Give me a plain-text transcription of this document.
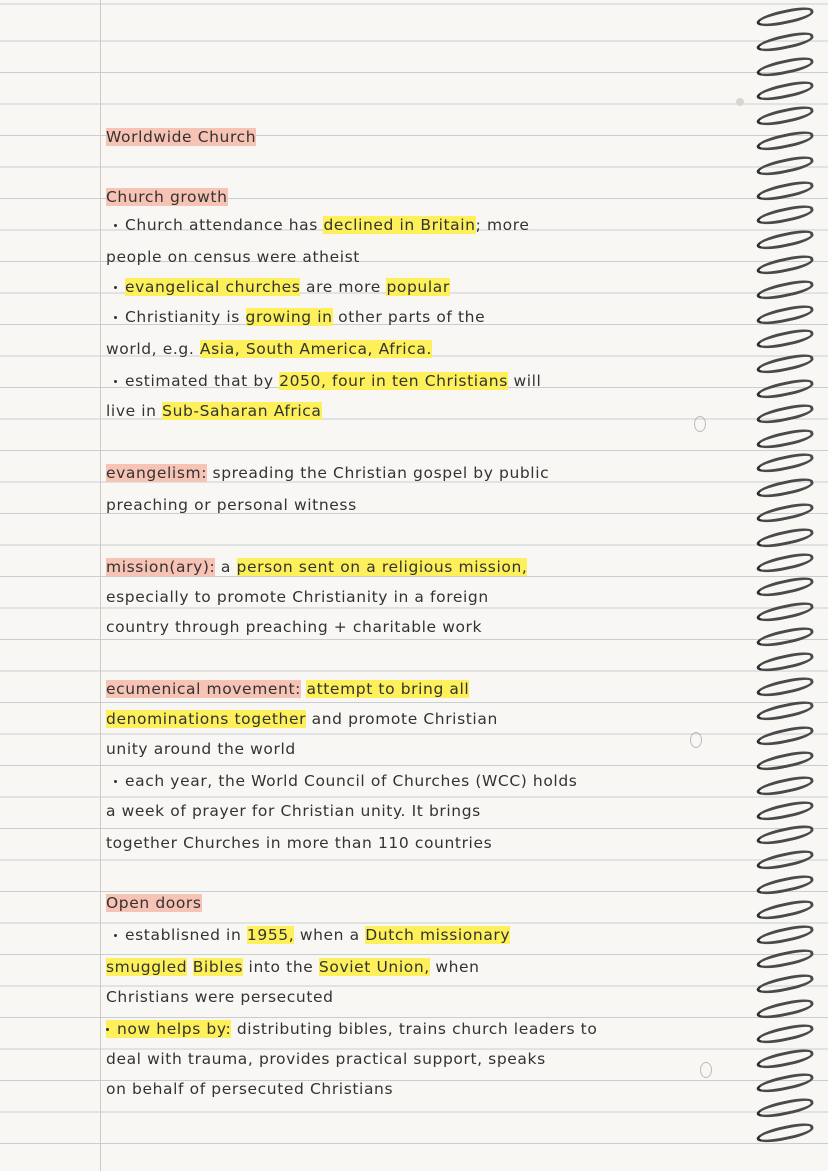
Worldwide Church
Church growth
Church attendance has declined in Britain; more
people on census were atheist
evangelical churches are more popular
Christianity is growing in other parts of the
world, e.g. Asia, South America, Africa.
estimated that by 2050, four in ten Christians will
live in Sub-Saharan Africa
evangelism: spreading the Christian gospel by public
preaching or personal witness
mission(ary): a person sent on a religious mission,
especially to promote Christianity in a foreign
country through preaching + charitable work
ecumenical movement: attempt to bring all
denominations together and promote Christian
unity around the world
each year, the World Council of Churches (WCC) holds
a week of prayer for Christian unity. It brings
together Churches in more than 110 countries
Open doors
establisned in 1955, when a Dutch missionary
smuggled Bibles into the Soviet Union, when
Christians were persecuted
now helps by: distributing bibles, trains church leaders to
deal with trauma, provides practical support, speaks
on behalf of persecuted Christians
